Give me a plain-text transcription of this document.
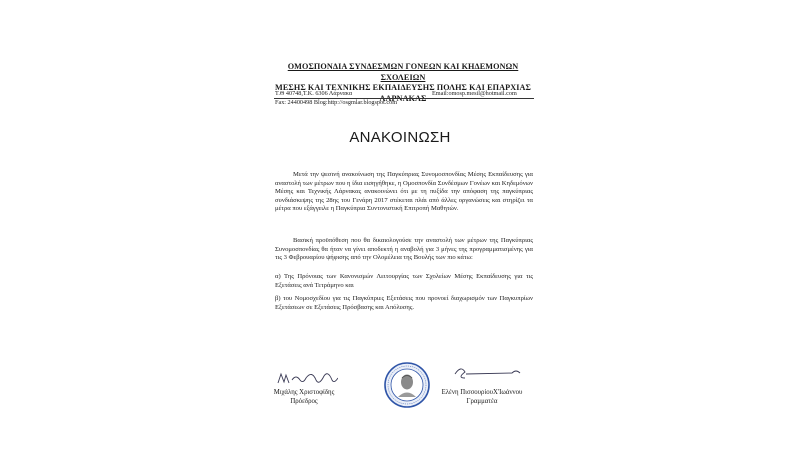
ΟΜΟΣΠΟΝΔΙΑ ΣΥΝΔΕΣΜΩΝ ΓΟΝΕΩΝ ΚΑΙ ΚΗΔΕΜΟΝΩΝ ΣΧΟΛΕΙΩΝ
ΜΕΣΗΣ ΚΑΙ ΤΕΧΝΙΚΗΣ ΕΚΠΑΙΔΕΥΣΗΣ ΠΟΛΗΣ ΚΑΙ ΕΠΑΡΧΙΑΣ
ΛΑΡΝΑΚΑΣ
Τ.Θ 40748,Τ.Κ. 6306 Λάρνακα
Fax: 24400498 Blog:http://osgmlar.blogspot.com
Email:omosp.mesil@hotmail.com
ΑΝΑΚΟΙΝΩΣΗ
Μετά την ψεσινή ανακοίνωση της Παγκύπριας Συνομοσπονδίας Μέσης Εκπαίδευσης για αναστολή των μέτρων που η ίδια εισηγήθηκε, η Ομοσπονδία Συνδέσμων Γονέων και Κηδεμόνων Μέσης και Τεχνικής Λάρνακας ανακοινώνει ότι με τη πυξίδα την απόφαση της παγκύπριας συνδιάσκεψης της 28ης του Γενάρη 2017 στέκεται πλάι από άλλες οργανώσεις και στηρίζει τα μέτρα που εξάγγειλε η Παγκύπρια Συντονιστική Επιτροπή Μαθητών.
Βασική προϋπόθεση που θα δικαιολογούσε την αναστολή των μέτρων της Παγκύπριας Συνομοσπονδίας θα ήταν να γίνει αποδεκτή η αναβολή για 3 μήνες της προγραμματισμένης για τις 3 Φεβρουαρίου ψήφισης από την Ολομέλεια της Βουλής των πιο κάτω:
α) Της Πρόνοιας των Κανονισμών Λειτουργίας των Σχολείων Μέσης Εκπαίδευσης για τις Εξετάσεις ανά Τετράμηνο και
β) του Νομοσχεδίου για τις Παγκύπριες Εξετάσεις που προνοεί διαχωρισμόν των Παγκυπρίων Εξετάσεων σε Εξετάσεις Πρόσβασης και Απόλυσης.
Μιχάλης Χριστοφίδης
Πρόεδρος
Ελένη ΠισσουρίουΧ'Ιωάννου
Γραμματέα
